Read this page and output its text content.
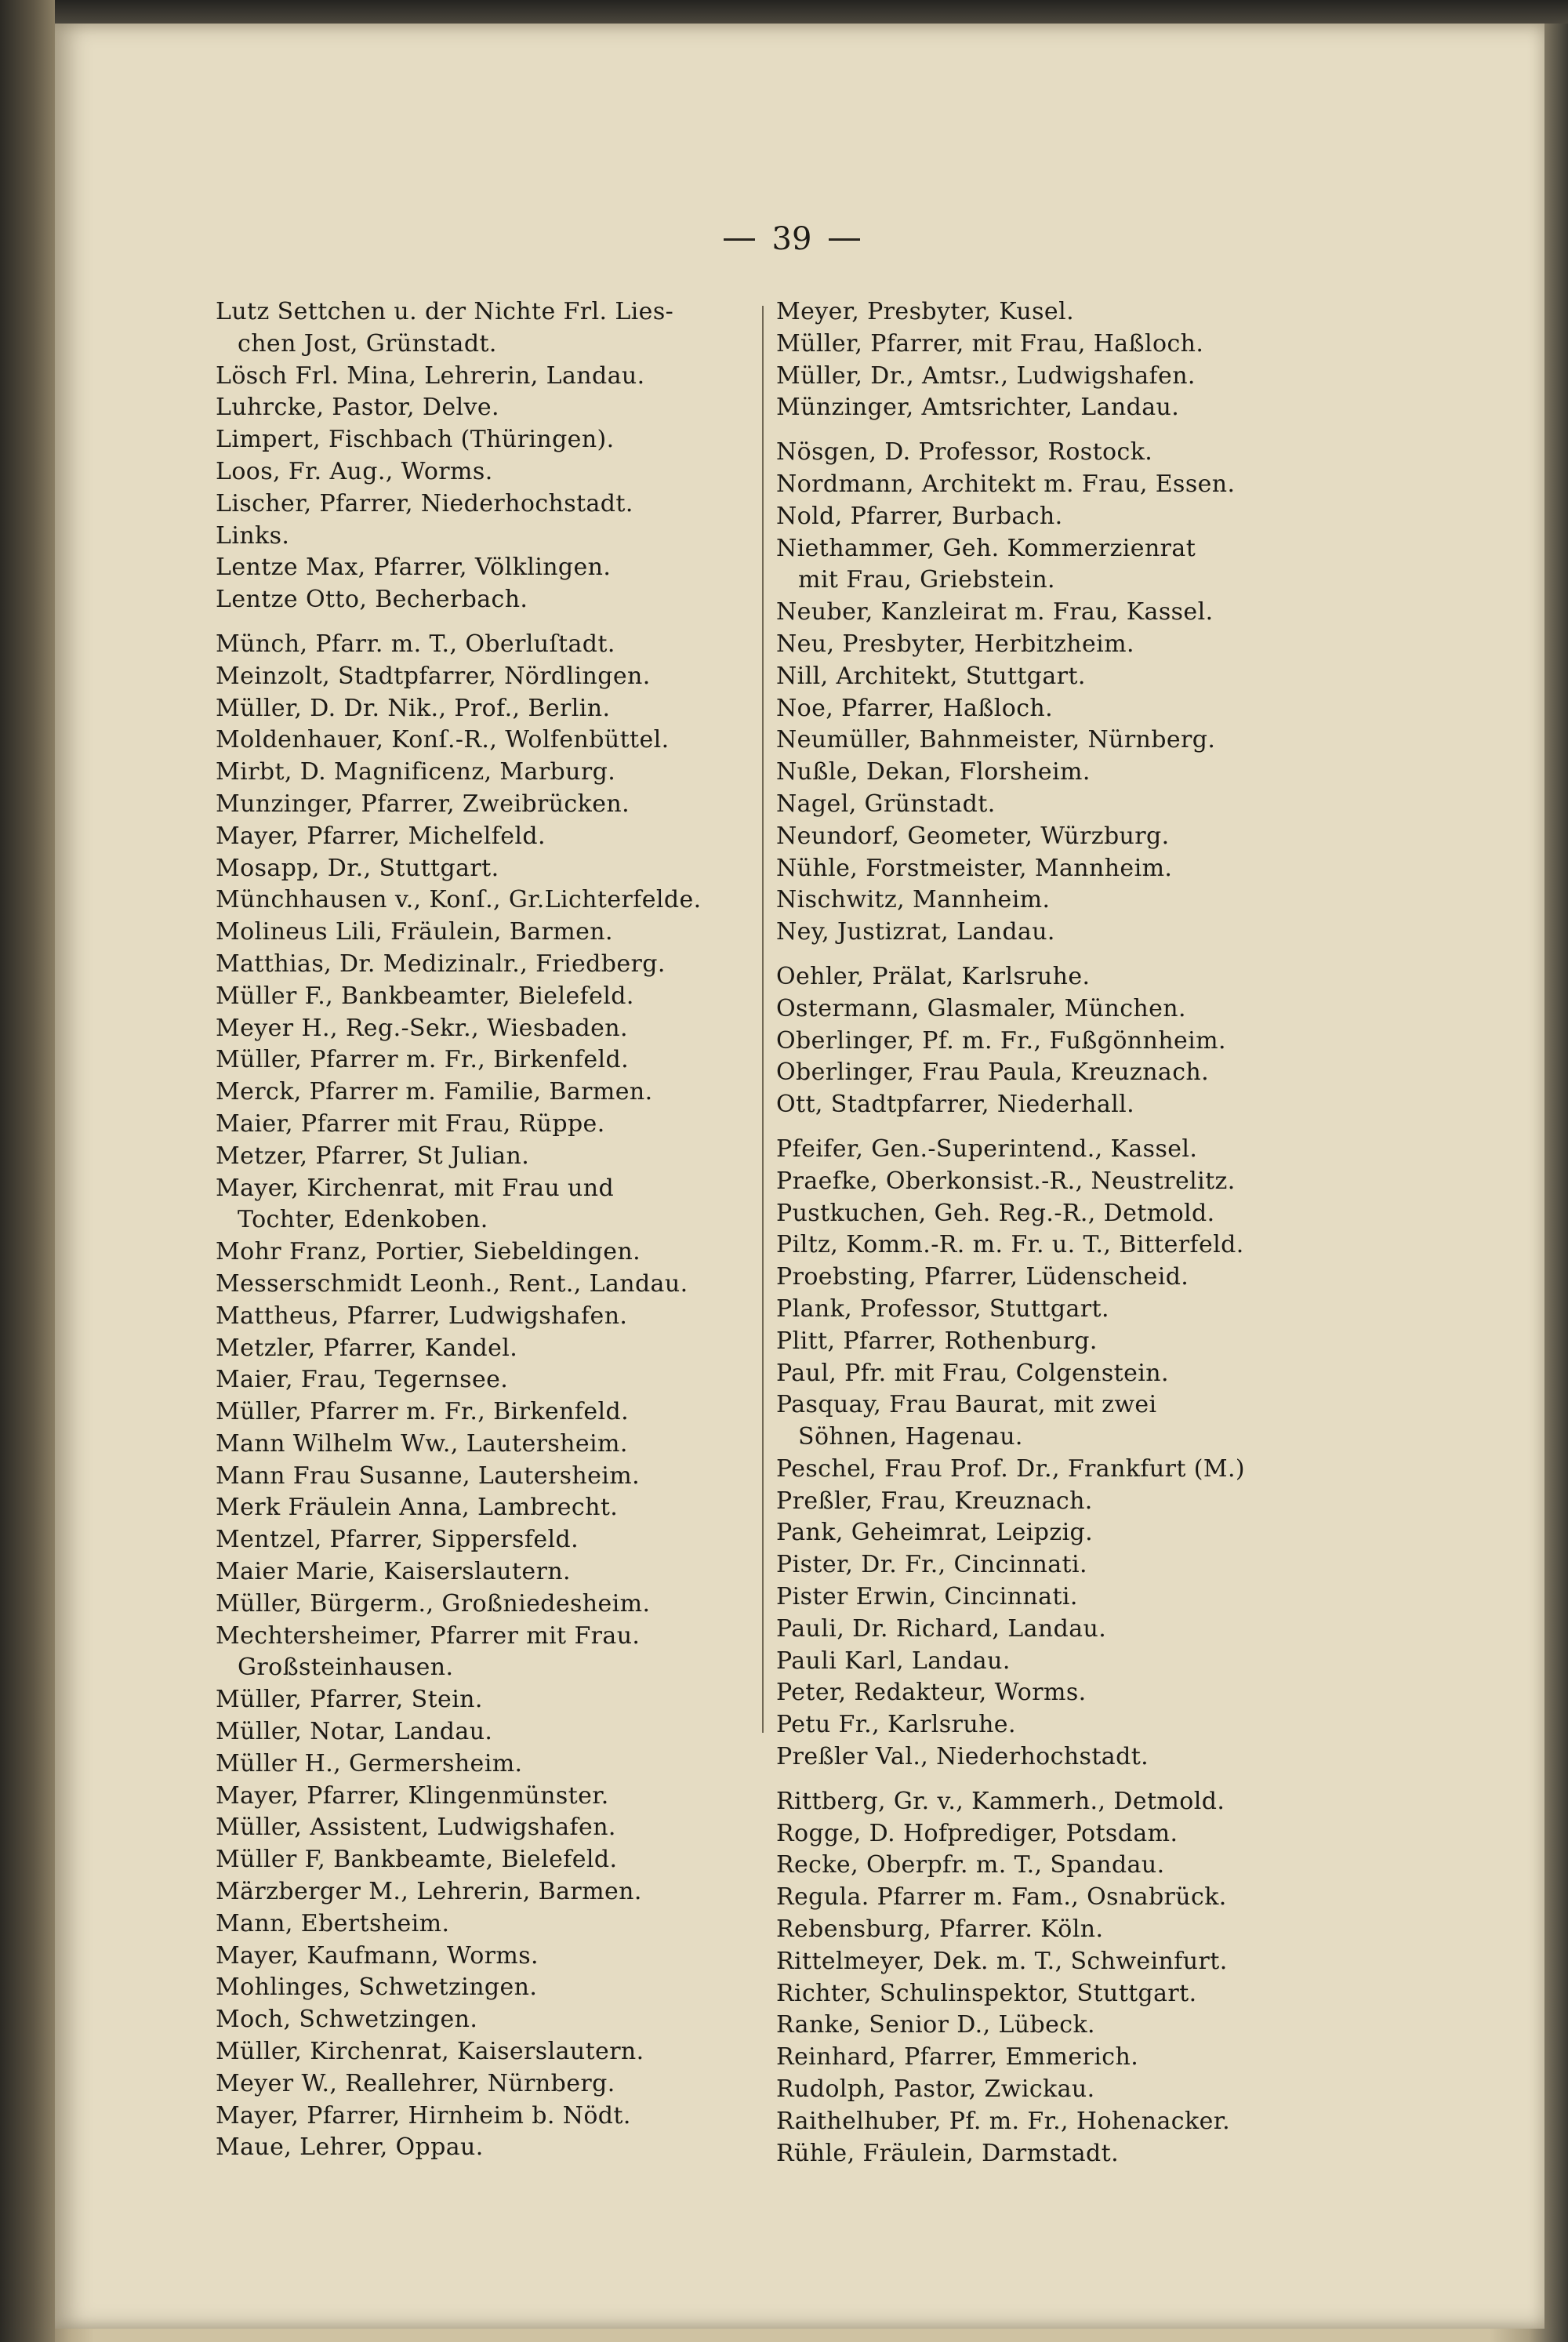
39
Lutz Settchen u. der Nichte Frl. Lies-
chen Jost, Grünstadt.
Lösch Frl. Mina, Lehrerin, Landau.
Luhrcke, Pastor, Delve.
Limpert, Fischbach (Thüringen).
Loos, Fr. Aug., Worms.
Lischer, Pfarrer, Niederhochstadt.
Links.
Lentze Max, Pfarrer, Völklingen.
Lentze Otto, Becherbach.
Münch, Pfarr. m. T., Oberluſtadt.
Meinzolt, Stadtpfarrer, Nördlingen.
Müller, D. Dr. Nik., Prof., Berlin.
Moldenhauer, Konſ.-R., Wolfenbüttel.
Mirbt, D. Magnificenz, Marburg.
Munzinger, Pfarrer, Zweibrücken.
Mayer, Pfarrer, Michelfeld.
Mosapp, Dr., Stuttgart.
Münchhausen v., Konſ., Gr.Lichterfelde.
Molineus Lili, Fräulein, Barmen.
Matthias, Dr. Medizinalr., Friedberg.
Müller F., Bankbeamter, Bielefeld.
Meyer H., Reg.-Sekr., Wiesbaden.
Müller, Pfarrer m. Fr., Birkenfeld.
Merck, Pfarrer m. Familie, Barmen.
Maier, Pfarrer mit Frau, Rüppe.
Metzer, Pfarrer, St Julian.
Mayer, Kirchenrat, mit Frau und
Tochter, Edenkoben.
Mohr Franz, Portier, Siebeldingen.
Messerschmidt Leonh., Rent., Landau.
Mattheus, Pfarrer, Ludwigshafen.
Metzler, Pfarrer, Kandel.
Maier, Frau, Tegernsee.
Müller, Pfarrer m. Fr., Birkenfeld.
Mann Wilhelm Ww., Lautersheim.
Mann Frau Susanne, Lautersheim.
Merk Fräulein Anna, Lambrecht.
Mentzel, Pfarrer, Sippersfeld.
Maier Marie, Kaiserslautern.
Müller, Bürgerm., Großniedesheim.
Mechtersheimer, Pfarrer mit Frau.
Großsteinhausen.
Müller, Pfarrer, Stein.
Müller, Notar, Landau.
Müller H., Germersheim.
Mayer, Pfarrer, Klingenmünster.
Müller, Assistent, Ludwigshafen.
Müller F, Bankbeamte, Bielefeld.
Märzberger M., Lehrerin, Barmen.
Mann, Ebertsheim.
Mayer, Kaufmann, Worms.
Mohlinges, Schwetzingen.
Moch, Schwetzingen.
Müller, Kirchenrat, Kaiserslautern.
Meyer W., Reallehrer, Nürnberg.
Mayer, Pfarrer, Hirnheim b. Nödt.
Maue, Lehrer, Oppau.
Meyer, Presbyter, Kusel.
Müller, Pfarrer, mit Frau, Haßloch.
Müller, Dr., Amtsr., Ludwigshafen.
Münzinger, Amtsrichter, Landau.
Nösgen, D. Professor, Rostock.
Nordmann, Architekt m. Frau, Essen.
Nold, Pfarrer, Burbach.
Niethammer, Geh. Kommerzienrat
mit Frau, Griebstein.
Neuber, Kanzleirat m. Frau, Kassel.
Neu, Presbyter, Herbitzheim.
Nill, Architekt, Stuttgart.
Noe, Pfarrer, Haßloch.
Neumüller, Bahnmeister, Nürnberg.
Nußle, Dekan, Florsheim.
Nagel, Grünstadt.
Neundorf, Geometer, Würzburg.
Nühle, Forstmeister, Mannheim.
Nischwitz, Mannheim.
Ney, Justizrat, Landau.
Oehler, Prälat, Karlsruhe.
Ostermann, Glasmaler, München.
Oberlinger, Pf. m. Fr., Fußgönnheim.
Oberlinger, Frau Paula, Kreuznach.
Ott, Stadtpfarrer, Niederhall.
Pfeifer, Gen.-Superintend., Kassel.
Praefke, Oberkonsist.-R., Neustrelitz.
Pustkuchen, Geh. Reg.-R., Detmold.
Piltz, Komm.-R. m. Fr. u. T., Bitterfeld.
Proebsting, Pfarrer, Lüdenscheid.
Plank, Professor, Stuttgart.
Plitt, Pfarrer, Rothenburg.
Paul, Pfr. mit Frau, Colgenstein.
Pasquay, Frau Baurat, mit zwei
Söhnen, Hagenau.
Peschel, Frau Prof. Dr., Frankfurt (M.)
Preßler, Frau, Kreuznach.
Pank, Geheimrat, Leipzig.
Pister, Dr. Fr., Cincinnati.
Pister Erwin, Cincinnati.
Pauli, Dr. Richard, Landau.
Pauli Karl, Landau.
Peter, Redakteur, Worms.
Petu Fr., Karlsruhe.
Preßler Val., Niederhochstadt.
Rittberg, Gr. v., Kammerh., Detmold.
Rogge, D. Hofprediger, Potsdam.
Recke, Oberpfr. m. T., Spandau.
Regula. Pfarrer m. Fam., Osnabrück.
Rebensburg, Pfarrer. Köln.
Rittelmeyer, Dek. m. T., Schweinfurt.
Richter, Schulinspektor, Stuttgart.
Ranke, Senior D., Lübeck.
Reinhard, Pfarrer, Emmerich.
Rudolph, Pastor, Zwickau.
Raithelhuber, Pf. m. Fr., Hohenacker.
Rühle, Fräulein, Darmstadt.
